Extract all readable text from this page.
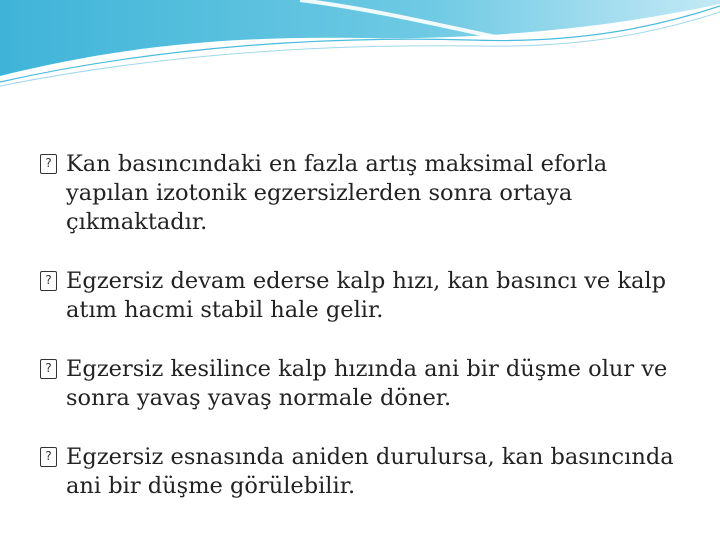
? Kan basıncındaki en fazla artış maksimal eforla yapılan izotonik egzersizlerden sonra ortaya çıkmaktadır.
? Egzersiz devam ederse kalp hızı, kan basıncı ve kalp atım hacmi stabil hale gelir.
? Egzersiz kesilince kalp hızında ani bir düşme olur ve sonra yavaş yavaş normale döner.
? Egzersiz esnasında aniden durulursa, kan basıncında ani bir düşme görülebilir.
